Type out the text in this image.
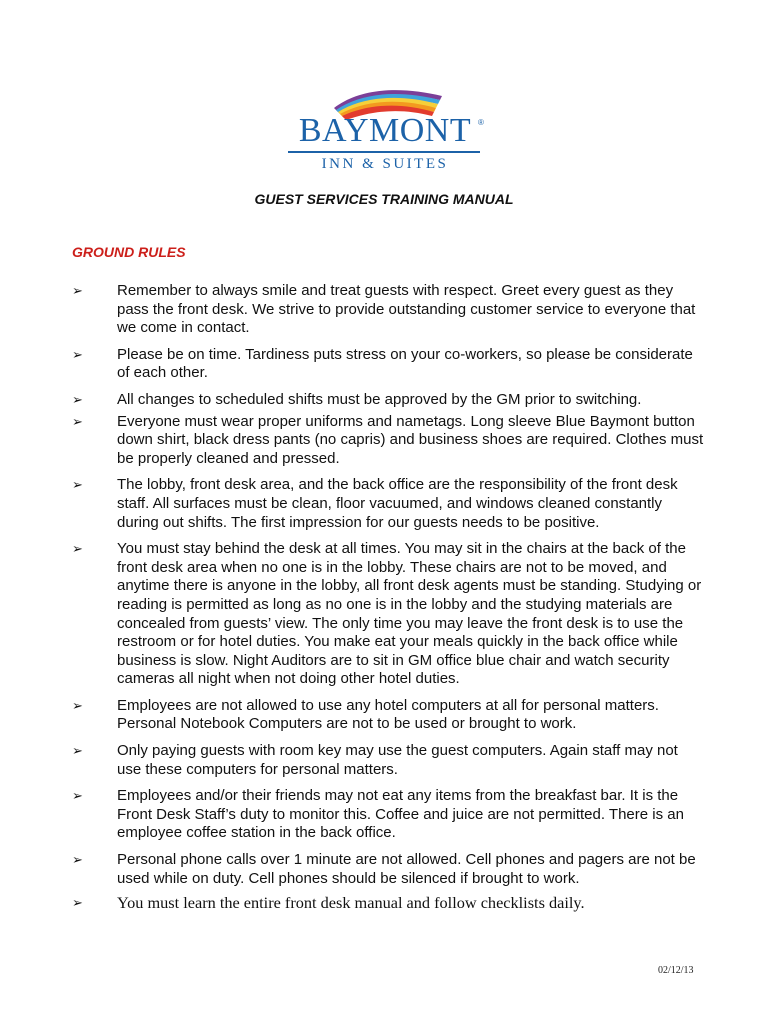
BAYMONT ®
INN & SUITES
GUEST SERVICES TRAINING MANUAL
GROUND RULES
➢ Remember to always smile and treat guests with respect. Greet every guest as they pass the front desk. We strive to provide outstanding customer service to everyone that we come in contact.
➢ Please be on time. Tardiness puts stress on your co-workers, so please be considerate of each other.
➢ All changes to scheduled shifts must be approved by the GM prior to switching.
➢ Everyone must wear proper uniforms and nametags. Long sleeve Blue Baymont button down shirt, black dress pants (no capris) and business shoes are required. Clothes must be properly cleaned and pressed.
➢ The lobby, front desk area, and the back office are the responsibility of the front desk staff. All surfaces must be clean, floor vacuumed, and windows cleaned constantly during out shifts. The first impression for our guests needs to be positive.
➢ You must stay behind the desk at all times. You may sit in the chairs at the back of the front desk area when no one is in the lobby. These chairs are not to be moved, and anytime there is anyone in the lobby, all front desk agents must be standing. Studying or reading is permitted as long as no one is in the lobby and the studying materials are concealed from guests’ view. The only time you may leave the front desk is to use the restroom or for hotel duties. You make eat your meals quickly in the back office while business is slow. Night Auditors are to sit in GM office blue chair and watch security cameras all night when not doing other hotel duties.
➢ Employees are not allowed to use any hotel computers at all for personal matters. Personal Notebook Computers are not to be used or brought to work.
➢ Only paying guests with room key may use the guest computers. Again staff may not use these computers for personal matters.
➢ Employees and/or their friends may not eat any items from the breakfast bar. It is the Front Desk Staff’s duty to monitor this. Coffee and juice are not permitted. There is an employee coffee station in the back office.
➢ Personal phone calls over 1 minute are not allowed. Cell phones and pagers are not be used while on duty. Cell phones should be silenced if brought to work.
➢ You must learn the entire front desk manual and follow checklists daily.
02/12/13
